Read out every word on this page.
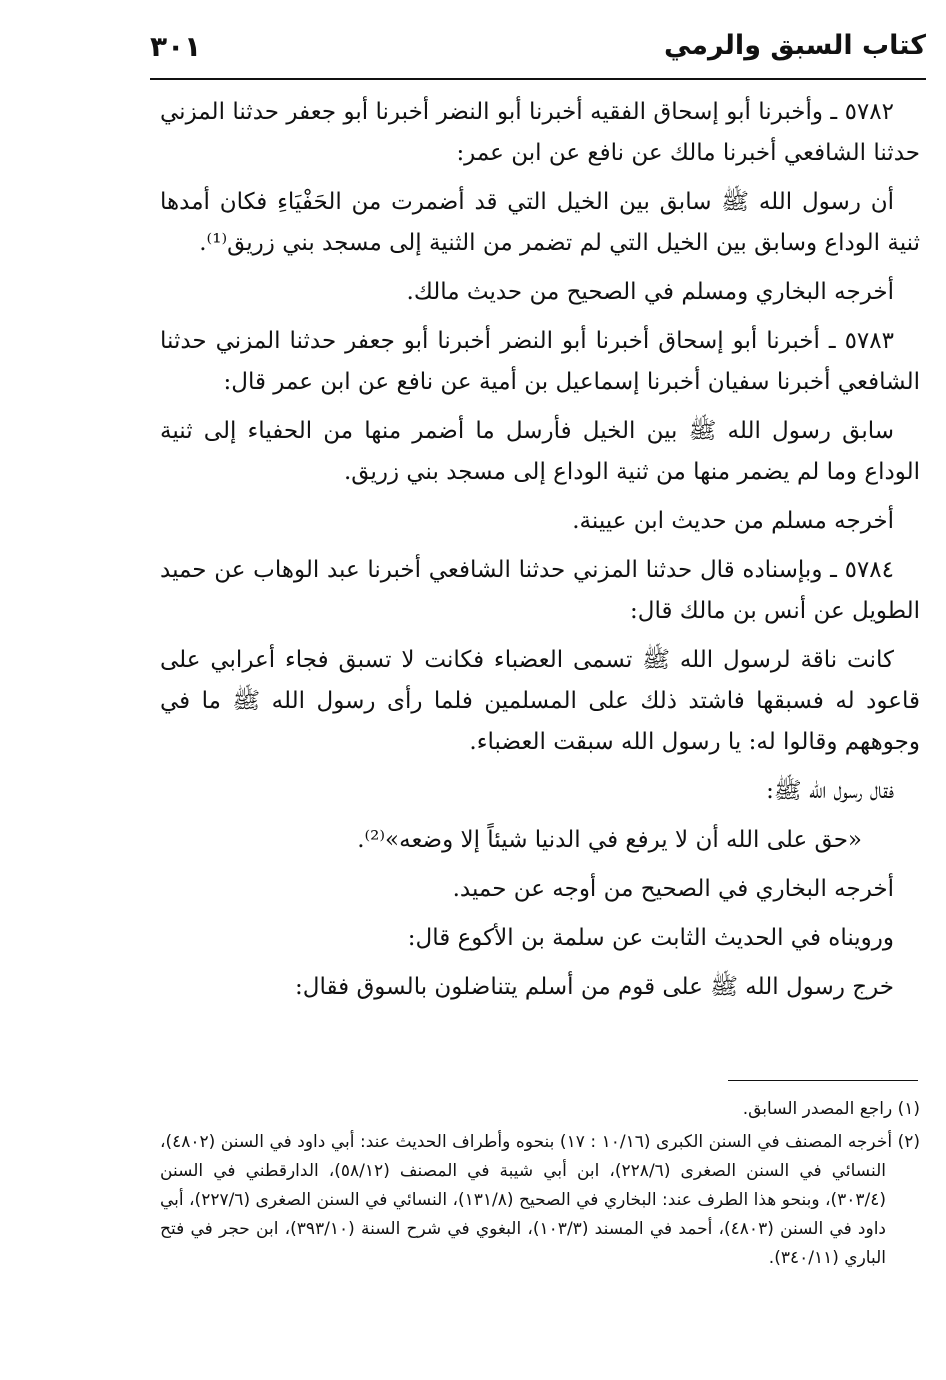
كتاب السبق والرمي
٣٠١

٥٧٨٢ ـ وأخبرنا أبو إسحاق الفقيه أخبرنا أبو النضر أخبرنا أبو جعفر حدثنا المزني حدثنا الشافعي أخبرنا مالك عن نافع عن ابن عمر:

أن رسول الله ﷺ سابق بين الخيل التي قد أضمرت من الحَفْيَاءِ فكان أمدها ثنية الوداع وسابق بين الخيل التي لم تضمر من الثنية إلى مسجد بني زريق⁽¹⁾.

أخرجه البخاري ومسلم في الصحيح من حديث مالك.

٥٧٨٣ ـ أخبرنا أبو إسحاق أخبرنا أبو النضر أخبرنا أبو جعفر حدثنا المزني حدثنا الشافعي أخبرنا سفيان أخبرنا إسماعيل بن أمية عن نافع عن ابن عمر قال:

سابق رسول الله ﷺ بين الخيل فأرسل ما أضمر منها من الحفياء إلى ثنية الوداع وما لم يضمر منها من ثنية الوداع إلى مسجد بني زريق.

أخرجه مسلم من حديث ابن عيينة.

٥٧٨٤ ـ وبإسناده قال حدثنا المزني حدثنا الشافعي أخبرنا عبد الوهاب عن حميد الطويل عن أنس بن مالك قال:

كانت ناقة لرسول الله ﷺ تسمى العضباء فكانت لا تسبق فجاء أعرابي على قاعود له فسبقها فاشتد ذلك على المسلمين فلما رأى رسول الله ﷺ ما في وجوههم وقالوا له: يا رسول الله سبقت العضباء.

فقال رسول الله ﷺ:

«حق على الله أن لا يرفع في الدنيا شيئاً إلا وضعه»⁽²⁾.

أخرجه البخاري في الصحيح من أوجه عن حميد.

ورويناه في الحديث الثابت عن سلمة بن الأكوع قال:

خرج رسول الله ﷺ على قوم من أسلم يتناضلون بالسوق فقال:

(١) راجع المصدر السابق.

(٢) أخرجه المصنف في السنن الكبرى (١٠/١٦ : ١٧) بنحوه وأطراف الحديث عند: أبي داود في السنن (٤٨٠٢)، النسائي في السنن الصغرى (٢٢٨/٦)، ابن أبي شيبة في المصنف (٥٨/١٢)، الدارقطني في السنن (٣٠٣/٤)، وبنحو هذا الطرف عند: البخاري في الصحيح (١٣١/٨)، النسائي في السنن الصغرى (٢٢٧/٦)، أبي داود في السنن (٤٨٠٣)، أحمد في المسند (١٠٣/٣)، البغوي في شرح السنة (٣٩٣/١٠)، ابن حجر في فتح الباري (٣٤٠/١١).
